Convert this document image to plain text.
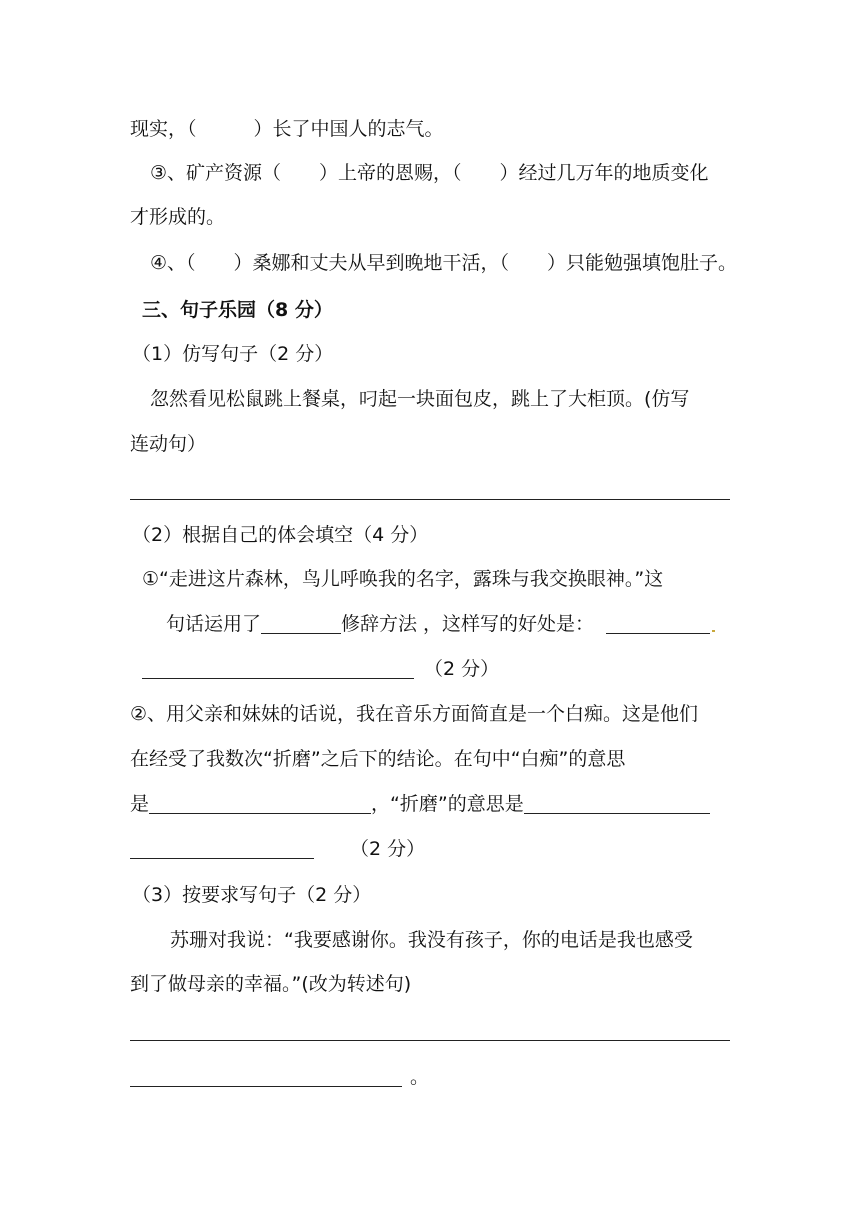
现实，（　　　）长了中国人的志气。
③、矿产资源（　　）上帝的恩赐，（　　）经过几万年的地质变化
才形成的。
④、（　　）桑娜和丈夫从早到晚地干活，（　　）只能勉强填饱肚子。
三、句子乐园（8 分）
（1）仿写句子（2 分）
忽然看见松鼠跳上餐桌，叼起一块面包皮，跳上了大柜顶。(仿写
连动句）
（2）根据自己的体会填空（4 分）
①“走进这片森林，鸟儿呼唤我的名字，露珠与我交换眼神。”这
句话运用了	修辞方法 ，这样写的好处是：
（2 分）
②、用父亲和妹妹的话说，我在音乐方面简直是一个白痴。这是他们
在经受了我数次“折磨”之后下的结论。在句中“白痴”的意思
是	，“折磨”的意思是
（2 分）
（3）按要求写句子（2 分）
苏珊对我说：“我要感谢你。我没有孩子，你的电话是我也感受
到了做母亲的幸福。”(改为转述句)
。
